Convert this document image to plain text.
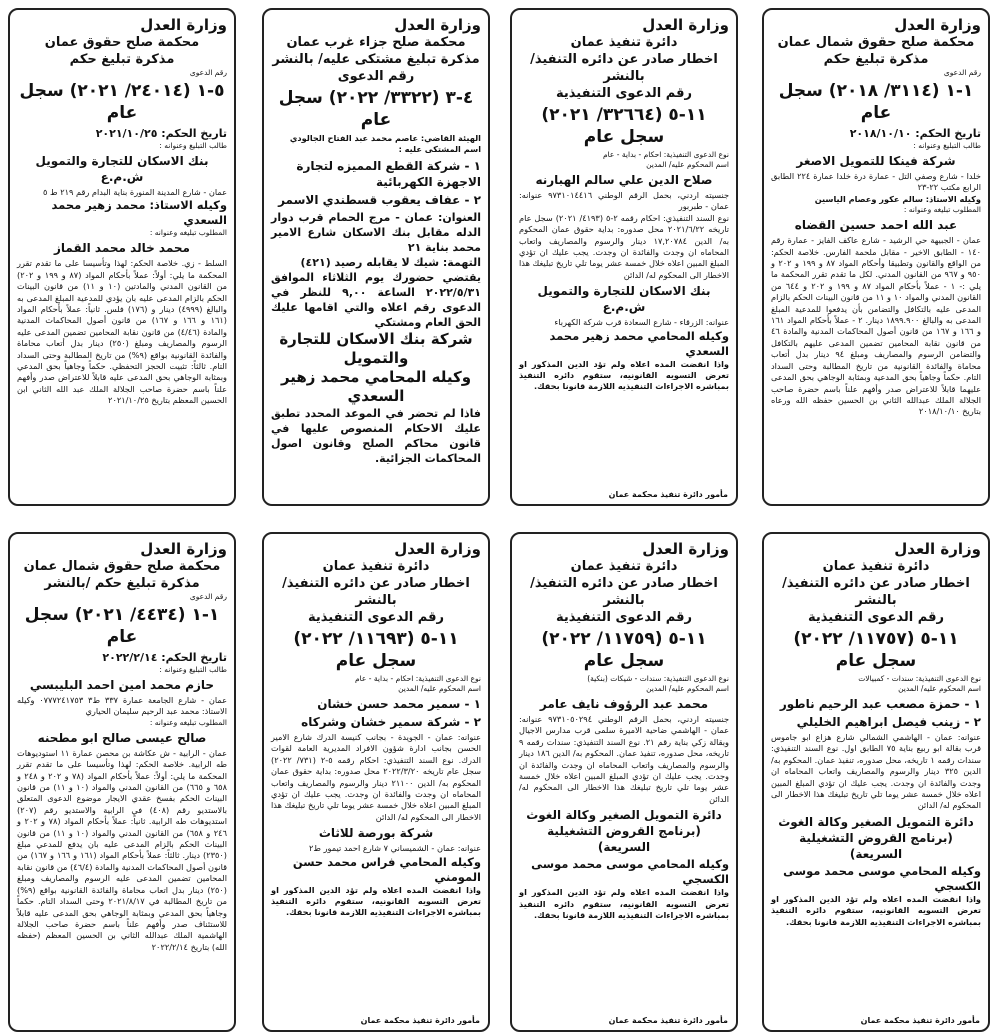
وزارة العدل
محكمة صلح حقوق شمال عمان
مذكرة تبليغ حكم
رقم الدعوى
١-١ (٣١١٤/ ٢٠١٨) سجل عام
تاريخ الحكم: ٢٠١٨/١٠/١٠
طالب التبليغ وعنوانه :
شركة فينكا للتمويل الاصغر
خلدا - شارع وصفي التل - عمارة درة خلدا عمارة ٢٢٤ الطابق الرابع مكتب ٢٢-٢٣
وكيله الاستاذ: سالم عكور وعصام الياسين
المطلوب تبليغه وعنوانه :
عبد الله احمد حسين القضاه
عمان - الجبيهة حي الرشيد - شارع عاكف الفايز - عمارة رقم ١٤٠ - الطابق الاخير - مقابل ملحمة الفارس. خلاصة الحكم: من الواقع والقانون وتطبيقا وأحكام المواد ٨٧ و ١٩٩ و ٢٠٢ و ٩٥٠ و ٩٦٧ من القانون المدني. لكل ما تقدم تقرر المحكمة ما يلي :- ١ - عملاً بأحكام المواد ٨٧ و ١٩٩ و ٢٠٢ و ٦٤٤ من القانون المدني والمواد ١٠ و ١١ من قانون البينات الحكم بالزام المدعى عليه بالتكافل والتضامن بأن يدفعوا للمدعية المبلغ المدعى به والبالغ ١٨٩٩.٩٠٠ دينار. ٢ - عملاً بأحكام المواد ١٦١ و ١٦٦ و ١٦٧ من قانون أصول المحاكمات المدنية والمادة ٤٦ من قانون نقابة المحامين تضمين المدعى عليهم بالتكافل والتضامن الرسوم والمصاريف ومبلغ ٩٤ دينار بدل أتعاب محاماة والفائدة القانونية من تاريخ المطالبة وحتى السداد التام. حكماً وجاهياً بحق المدعية وبمثابة الوجاهي بحق المدعى عليهما قابلاً للاعتراض صدر وأفهم علناً باسم حضرة صاحب الجلالة الملك عبدالله الثاني بن الحسين حفظه الله ورعاه بتاريخ ٢٠١٨/١٠/١٠
وزارة العدل
دائرة تنفيذ عمان
اخطار صادر عن دائره التنفيذ/ بالنشر
رقم الدعوى التنفيذية
١١-٥ (٣٢٦٦٤/ ٢٠٢١) سجل عام
نوع الدعوى التنفيذية: احكام - بداية - عام
اسم المحكوم عليه/ المدين
صلاح الدين علي سالم الهبارنه
جنسيته اردني، بحمل الرقم الوطني ٩٧٣١٠١٤٤١٦ عنوانه: عمان - طبربور
نوع السند التنفيذي: احكام رقمه ٢-٥ (٤١٩٣/ ٢٠٢١) سجل عام تاريخه ٢٠٢١/٦/٢٢ محل صدوره: بداية حقوق عمان المحكوم به/ الدين ١٧,٢٠٧٨٤ دينار والرسوم والمصاريف واتعاب المحاماه ان وجدت والفائدة ان وجدت. يجب عليك ان تؤدي المبلغ المبين اعلاه خلال خمسة عشر يوما تلي تاريخ تبليغك هذا الاخطار الى المحكوم له/ الدائن
بنك الاسكان للتجارة والتمويل ش.م.ع
عنوانه: الزرقاء - شارع السعادة قرب شركة الكهرباء
وكيله المحامي محمد زهير محمد السعدي
واذا انقضت المده اعلاه ولم تؤد الدين المذكور او تعرض التسويه القانونيه، ستقوم دائره التنفيذ بمباشره الاجراءات التنفيذيه اللازمة قانونا بحقك.
مأمور دائرة تنفيذ محكمة عمان
وزارة العدل
محكمة صلح جزاء غرب عمان
مذكرة تبليغ مشتكى عليه/ بالنشر
رقم الدعوى
٤-٣ (٣٣٢٢/ ٢٠٢٢) سجل عام
الهيئة القاضي: عاصم محمد عبد الفتاح الجالودي
اسم المشتكى عليه :
١ - شركة القطع المميزه لتجارة الاجهزة الكهربائية
٢ - عفاف يعقوب قسطندي الاسمر
العنوان: عمان - مرج الحمام قرب دوار الدله مقابل بنك الاسكان شارع الامير محمد بناية ٢١
التهمة: شيك لا يقابله رصيد (٤٢١)
يقتضي حضورك يوم الثلاثاء الموافق ٢٠٢٢/٥/٣١ الساعة ٩,٠٠ للنظر في الدعوى رقم اعلاه والتي اقامها عليك الحق العام ومشتكي
شركة بنك الاسكان للتجارة والتمويل
وكيله المحامي محمد زهير السعدي
فاذا لم تحضر في الموعد المحدد تطبق عليك الاحكام المنصوص عليها في قانون محاكم الصلح وقانون اصول المحاكمات الجزائية.
وزارة العدل
محكمة صلح حقوق عمان
مذكرة تبليغ حكم
رقم الدعوى
٥-١ (٢٤٠١٤/ ٢٠٢١) سجل عام
تاريخ الحكم: ٢٠٢١/١٠/٢٥
طالب التبليغ وعنوانه :
بنك الاسكان للتجارة والتمويل ش.م.ع
عمان - شارع المدينة المنورة بناية البدام رقم ٢١٩ ط ٥
وكيله الاستاذ: محمد زهير محمد السعدي
المطلوب تبليغه وعنوانه :
محمد خالد محمد القماز
السلط - زي. خلاصة الحكم: لهذا وتأسيسا على ما تقدم تقرر المحكمة ما يلي: أولاً: عملاً بأحكام المواد (٨٧ و ١٩٩ و ٢٠٢) من القانون المدني والمادتين (١٠ و ١١) من قانون البينات الحكم بالزام المدعى عليه بان يؤدي للمدعية المبلغ المدعى به والبالغ (٤٩٩٩) دينار و (١٧٦) فلس. ثانياً: عملاً بأحكام المواد (١٦١ و ١٦٦ و ١٦٧) من قانون أصول المحاكمات المدنية والمادة (٤/٤٦) من قانون نقابة المحامين تضمين المدعى عليه الرسوم والمصاريف ومبلغ (٢٥٠) دينار بدل أتعاب محاماة والفائدة القانونية بواقع (٩%) من تاريخ المطالبة وحتى السداد التام. ثالثاً: تثبيت الحجز التحفظي. حكماً وجاهياً بحق المدعي وبمثابة الوجاهي بحق المدعى عليه قابلاً للاعتراض صدر وأفهم علناً باسم حضرة صاحب الجلالة الملك عبد الله الثاني ابن الحسين المعظم بتاريخ ٢٠٢١/١٠/٢٥
وزارة العدل
دائرة تنفيذ عمان
اخطار صادر عن دائره التنفيذ/ بالنشر
رقم الدعوى التنفيذية
١١-٥ (١١٧٥٧/ ٢٠٢٢) سجل عام
نوع الدعوى التنفيذية: سندات - كمبيالات
اسم المحكوم عليه/ المدين
١ - حمزة مصعب عبد الرحيم ناطور
٢ - زينب فيصل ابراهيم الخليلي
عنوانه: عمان - الهاشمي الشمالي شارع هزاع ابو جاموس قرب بقالة ابو ربيع بناية ٧٥ الطابق اول. نوع السند التنفيذي: سندات رقمه ١ تاريخه، محل صدوره، تنفيذ عمان. المحكوم به/ الدين ٣٢٥ دينار والرسوم والمصاريف واتعاب المحاماه ان وجدت والفائدة ان وجدت. يجب عليك ان تؤدي المبلغ المبين اعلاه خلال خمسة عشر يوما تلي تاريخ تبليغك هذا الاخطار الى المحكوم له/ الدائن
دائرة التمويل الصغير وكالة الغوث (برنامج القروض التشغيلية السريعة)
وكيله المحامي موسى محمد موسى الكسجي
واذا انقضت المده اعلاه ولم تؤد الدين المذكور او تعرض التسويه القانونيه، ستقوم دائره التنفيذ بمباشره الاجراءات التنفيذيه اللازمة قانونا بحقك.
مأمور دائرة تنفيذ محكمة عمان
وزارة العدل
دائرة تنفيذ عمان
اخطار صادر عن دائره التنفيذ/ بالنشر
رقم الدعوى التنفيذية
١١-٥ (١١٧٥٩/ ٢٠٢٢) سجل عام
نوع الدعوى التنفيذية: سندات - شيكات (بنكية)
اسم المحكوم عليه/ المدين
محمد عبد الرؤوف نايف عامر
جنسيته اردني، بحمل الرقم الوطني ٩٧٣١٠٥٠٢٩٤ عنوانه: عمان - الهاشمي ضاحية الاميرة سلمى قرب مدارس الاجيال وبقالة زكي بناية رقم ٢١. نوع السند التنفيذي: سندات رقمه ٩ تاريخه، محل صدوره، تنفيذ عمان. المحكوم به/ الدين ١٨٦ دينار والرسوم والمصاريف واتعاب المحاماه ان وجدت والفائدة ان وجدت. يجب عليك ان تؤدي المبلغ المبين اعلاه خلال خمسة عشر يوما تلي تاريخ تبليغك هذا الاخطار الى المحكوم له/ الدائن
دائرة التمويل الصغير وكالة الغوث (برنامج القروض التشغيلية السريعة)
وكيله المحامي موسى محمد موسى الكسجي
واذا انقضت المده اعلاه ولم تؤد الدين المذكور او تعرض التسويه القانونيه، ستقوم دائره التنفيذ بمباشره الاجراءات التنفيذيه اللازمة قانونا بحقك.
مأمور دائرة تنفيذ محكمة عمان
وزارة العدل
دائرة تنفيذ عمان
اخطار صادر عن دائره التنفيذ/ بالنشر
رقم الدعوى التنفيذية
١١-٥ (١١٦٩٣/ ٢٠٢٢) سجل عام
نوع الدعوى التنفيذية: احكام - بداية - عام
اسم المحكوم عليه/ المدين
١ - سمير محمد حسن خشان
٢ - شركة سمير خشان وشركاه
عنوانه: عمان - الجويدة - بجانب كنيسة الدرك شارع الامير الحسن بجانب ادارة شؤون الافراد المديرية العامة لقوات الدرك. نوع السند التنفيذي: احكام رقمه ٥-٢ (٧٣١/ ٢٠٢٢) سجل عام تاريخه ٢٠٢٢/٣/٢٠ محل صدوره: بداية حقوق عمان المحكوم به/ الدين ٢١١٠٠ دينار والرسوم والمصاريف واتعاب المحاماه ان وجدت والفائدة ان وجدت. يجب عليك ان تؤدي المبلغ المبين اعلاه خلال خمسة عشر يوما تلي تاريخ تبليغك هذا الاخطار الى المحكوم له/ الدائن
شركة بورصة للاثاث
عنوانه: عمان - الشميساني ٧ شارع احمد تيمور ط٢
وكيله المحامي فراس محمد حسن المومني
واذا انقضت المده اعلاه ولم تؤد الدين المذكور او تعرض التسويه القانونيه، ستقوم دائره التنفيذ بمباشره الاجراءات التنفيذيه اللازمة قانونا بحقك.
مأمور دائرة تنفيذ محكمة عمان
وزارة العدل
محكمة صلح حقوق شمال عمان
مذكرة تبليغ حكم /بالنشر
رقم الدعوى
١-١ (٤٤٣٤/ ٢٠٢١) سجل عام
تاريخ الحكم: ٢٠٢٢/٢/١٤
طالب التبليغ وعنوانه :
حازم محمد امين احمد البليبسي
عمان - شارع الجامعة عمارة ٣٣٧ ط٣ ٠٧٧٧٢٤١٧٥٣ وكيله الاستاذ: محمد عبد الرحيم سليمان الحياري
المطلوب تبليغه وعنوانه :
صالح عيسى صالح ابو مطحنه
عمان - الرابية - ش عكاشة بن محصن عمارة ١١ استوديوهات طه الرابية. خلاصة الحكم: لهذا وتأسيسا على ما تقدم تقرر المحكمة ما يلي: أولاً: عملاً بأحكام المواد (٧٨ و ٢٠٢ و ٢٤٨ و ٦٥٨ و ٦٦٥) من القانون المدني والمواد (١٠ و ١١) من قانون البينات الحكم بفسخ عقدي الايجار موضوع الدعوى المتعلق بالاستديو رقم (٤٠٨) في الرابية والاستديو رقم (٢٠٧) استديوهات طه الرابية. ثانياً: عملاً بأحكام المواد (٧٨ و ٢٠٢ و ٢٤٦ و ٦٥٨) من القانون المدني والمواد (١٠ و ١١) من قانون البينات الحكم بالزام المدعى عليه بان يدفع للمدعي مبلغ (٢٣٥٠) دينار. ثالثاً: عملاً بأحكام المواد (١٦١ و ١٦٦ و ١٦٧) من قانون أصول المحاكمات المدنية والمادة (٤٦/٤) من قانون نقابة المحامين تضمين المدعى عليه الرسوم والمصاريف ومبلغ (٢٥٠) دينار بدل اتعاب محاماة والفائدة القانونية بواقع (٩%) من تاريخ المطالبة في ٢٠٢١/٨/١٧ وحتى السداد التام. حكماً وجاهياً بحق المدعي وبمثابة الوجاهي بحق المدعى عليه قابلاً للاستئناف صدر وأفهم علناً باسم حضرة صاحب الجلالة الهاشمية الملك عبدالله الثاني بن الحسين المعظم (حفظه الله) بتاريخ ٢٠٢٢/٢/١٤
